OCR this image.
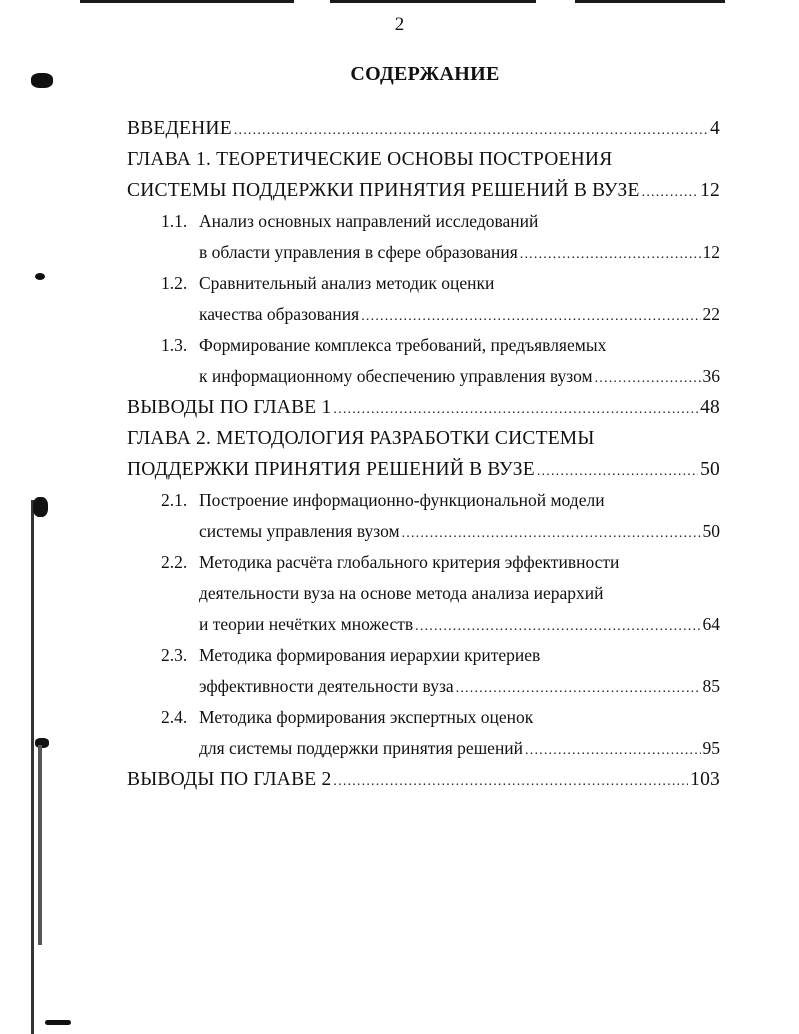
2
СОДЕРЖАНИЕ
ВВЕДЕНИЕ .....	4
ГЛАВА 1. ТЕОРЕТИЧЕСКИЕ ОСНОВЫ ПОСТРОЕНИЯ
СИСТЕМЫ ПОДДЕРЖКИ ПРИНЯТИЯ РЕШЕНИЙ В ВУЗЕ .....	12
1.1. Анализ основных направлений исследований
в области управления в сфере образования .....	12
1.2. Сравнительный анализ методик оценки
качества образования .....	22
1.3. Формирование комплекса требований, предъявляемых
к информационному обеспечению управления вузом .....	36
ВЫВОДЫ ПО ГЛАВЕ 1 .....	48
ГЛАВА 2. МЕТОДОЛОГИЯ РАЗРАБОТКИ СИСТЕМЫ
ПОДДЕРЖКИ ПРИНЯТИЯ РЕШЕНИЙ В ВУЗЕ .....	50
2.1. Построение информационно-функциональной модели
системы управления вузом .....	50
2.2. Методика расчёта глобального критерия эффективности
деятельности вуза на основе метода анализа иерархий
и теории нечётких множеств .....	64
2.3. Методика формирования иерархии критериев
эффективности деятельности вуза .....	85
2.4. Методика формирования экспертных оценок
для системы поддержки принятия решений .....	95
ВЫВОДЫ ПО ГЛАВЕ 2 .....	103
